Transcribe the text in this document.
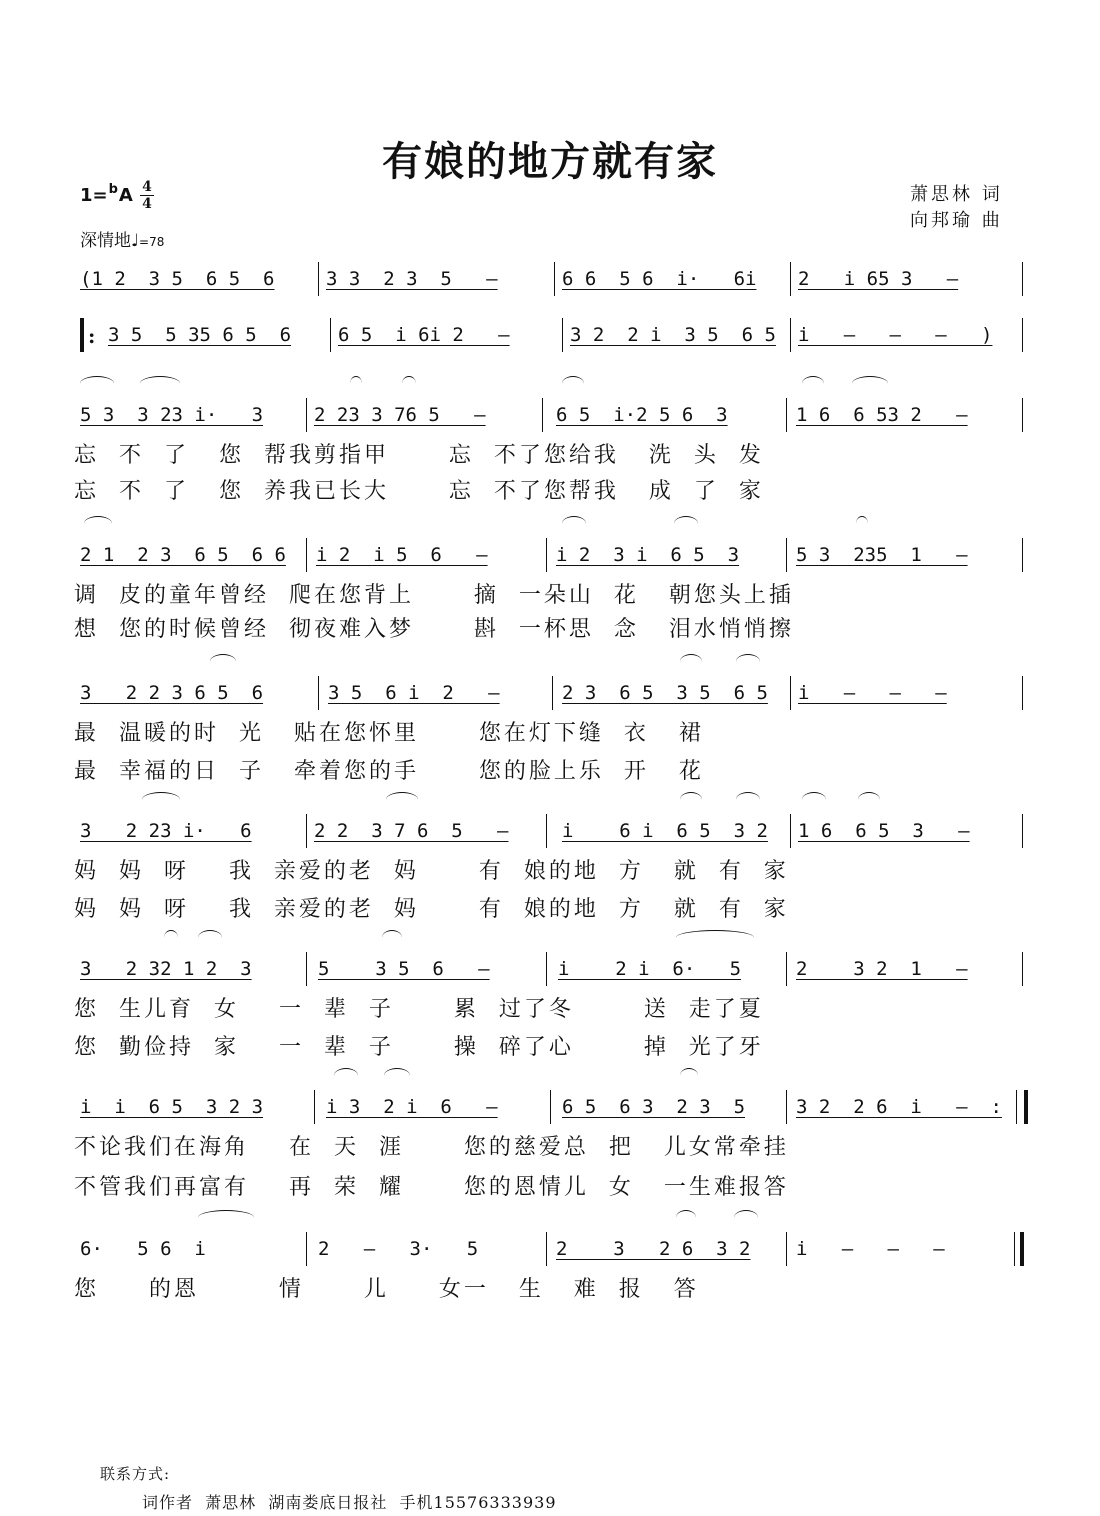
有娘的地方就有家
1=$^b$A 4
4
深情地♩=78
萧思林 词
向邦瑜 曲
(1 2  3 5  6 5  6	3 3  2 3  5   –	6 6  5 6  i·   6i 2   i 65 3   –
: 3 5  5 35 6 5  6 6 5  i 6i 2   –	3 2  2 i  3 5  6 5 i   –   –   –   )
5 3  3 23 i·   3	2 23 3 76 5   –	6 5  i·2 5 6  3	1 6  6 53 2   –
忘  不  了   您  帮我剪指甲      忘  不了您给我   洗  头  发
忘  不  了   您  养我已长大      忘  不了您帮我   成  了  家
2 1  2 3  6 5  6 6 i 2  i 5  6   –	i 2  3 i  6 5  3	5 3  235  1   –
调  皮的童年曾经  爬在您背上      摘  一朵山  花   朝您头上插
想  您的时候曾经  彻夜难入梦      斟  一杯思  念   泪水悄悄擦
3   2 2 3 6 5  6	3 5  6 i  2   –	2 3  6 5  3 5  6 5 i   –   –   –
最  温暖的时  光   贴在您怀里      您在灯下缝  衣   裙
最  幸福的日  子   牵着您的手      您的脸上乐  开   花
3   2 23 i·   6	2 2  3 7 6  5   –	i    6 i  6 5  3 2 1 6  6 5  3   –
妈  妈  呀    我  亲爱的老  妈      有  娘的地  方   就  有  家
妈  妈  呀    我  亲爱的老  妈      有  娘的地  方   就  有  家
3   2 32 1 2  3	5    3 5  6   –	i    2 i  6·   5	2    3 2  1   –
您  生儿育  女    一  辈  子      累  过了冬       送  走了夏
您  勤俭持  家    一  辈  子      操  碎了心       掉  光了牙
i  i  6 5  3 2 3	i 3  2 i  6   –	6 5  6 3  2 3  5	3 2  2 6  i   –  :
不论我们在海角    在  天  涯      您的慈爱总  把   儿女常牵挂
不管我们再富有    再  荣  耀      您的恩情儿  女   一生难报答
6·   5 6  i	2   –   3·   5	2    3   2 6  3 2 i   –   –   –
您     的恩        情      儿     女一   生   难  报   答
联系方式:
词作者  萧思林  湖南娄底日报社  手机15576333939
